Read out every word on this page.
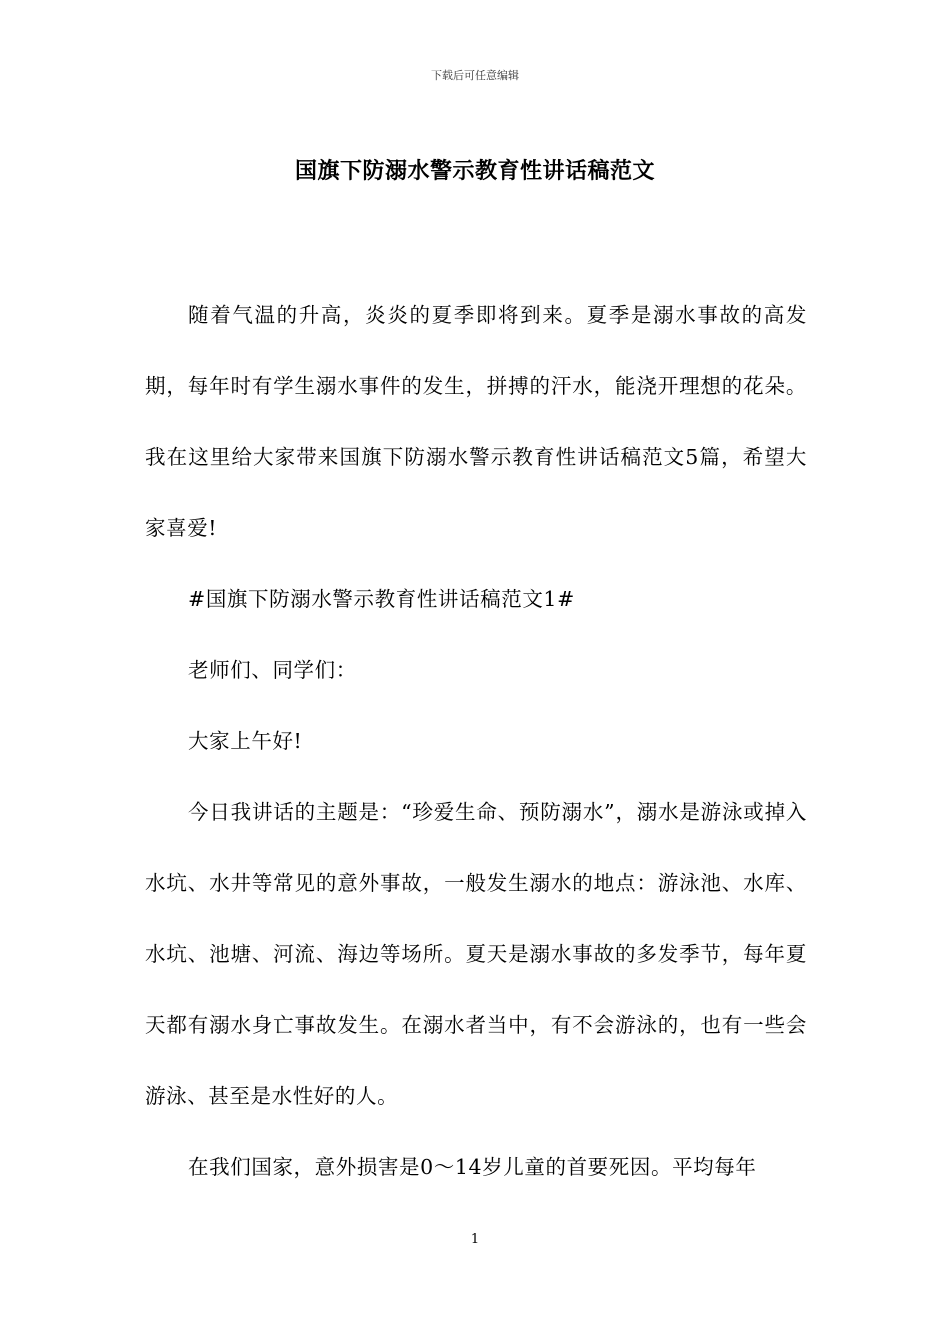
下载后可任意编辑
国旗下防溺水警示教育性讲话稿范文

随着气温的升高，炎炎的夏季即将到来。夏季是溺水事故的高发期，每年时有学生溺水事件的发生，拼搏的汗水，能浇开理想的花朵。我在这里给大家带来国旗下防溺水警示教育性讲话稿范文5篇，希望大家喜爱!

#国旗下防溺水警示教育性讲话稿范文1#

老师们、同学们：

大家上午好!

今日我讲话的主题是：“珍爱生命、预防溺水”，溺水是游泳或掉入水坑、水井等常见的意外事故，一般发生溺水的地点：游泳池、水库、水坑、池塘、河流、海边等场所。夏天是溺水事故的多发季节，每年夏天都有溺水身亡事故发生。在溺水者当中，有不会游泳的，也有一些会游泳、甚至是水性好的人。

在我们国家，意外损害是0～14岁儿童的首要死因。平均每年

1
